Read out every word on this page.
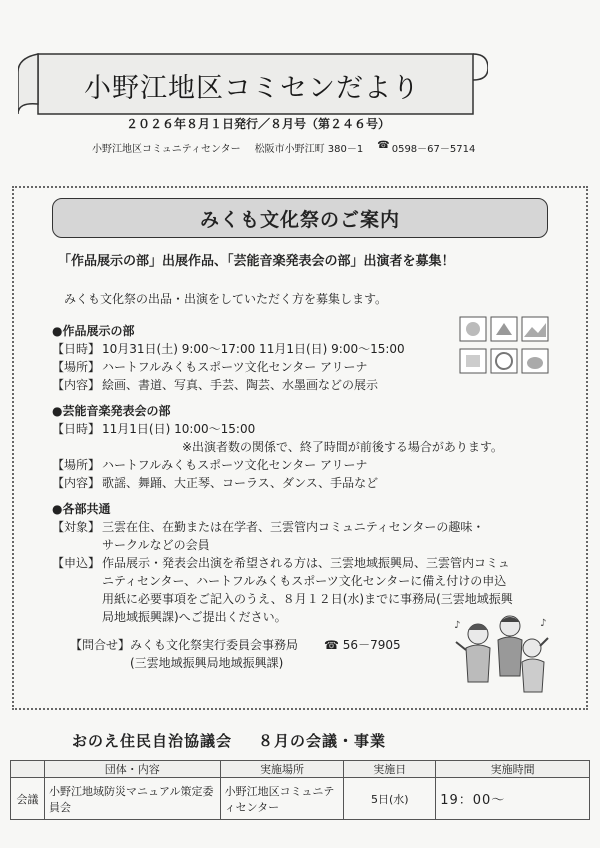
小野江地区コミセンだより
２０２６年８月１日発行／８月号（第２４６号）
小野江地区コミュニティセンター 松阪市小野江町 380－1 ☎ 0598－67－5714
みくも文化祭のご案内
「作品展示の部」出展作品、「芸能音楽発表会の部」出演者を募集！
みくも文化祭の出品・出演をしていただく方を募集します。
●作品展示の部
【日時】 10月31日(土) 9:00～17:00 11月1日(日) 9:00～15:00
【場所】 ハートフルみくもスポーツ文化センター アリーナ
【内容】 絵画、書道、写真、手芸、陶芸、水墨画などの展示
●芸能音楽発表会の部
【日時】 11月1日(日) 10:00～15:00
※出演者数の関係で、終了時間が前後する場合があります。
【場所】 ハートフルみくもスポーツ文化センター アリーナ
【内容】 歌謡、舞踊、大正琴、コーラス、ダンス、手品など
●各部共通
【対象】 三雲在住、在勤または在学者、三雲管内コミュニティセンターの趣味・
サークルなどの会員
【申込】 作品展示・発表会出演を希望される方は、三雲地域振興局、三雲管内コミュ
ニティセンター、ハートフルみくもスポーツ文化センターに備え付けの申込
用紙に必要事項をご記入のうえ、８月１２日(水)までに事務局(三雲地域振興
局地域振興課)へご提出ください。
【問合せ】みくも文化祭実行委員会事務局 ☎ 56－7905
(三雲地域振興局地域振興課)
♪	♪
おのえ住民自治協議会 ８月の会議・事業
	団体・内容	実施場所	実施日	実施時間
会議	小野江地域防災マニュアル策定委員会	小野江地区コミュニティセンター	5日(水)	19：00～
